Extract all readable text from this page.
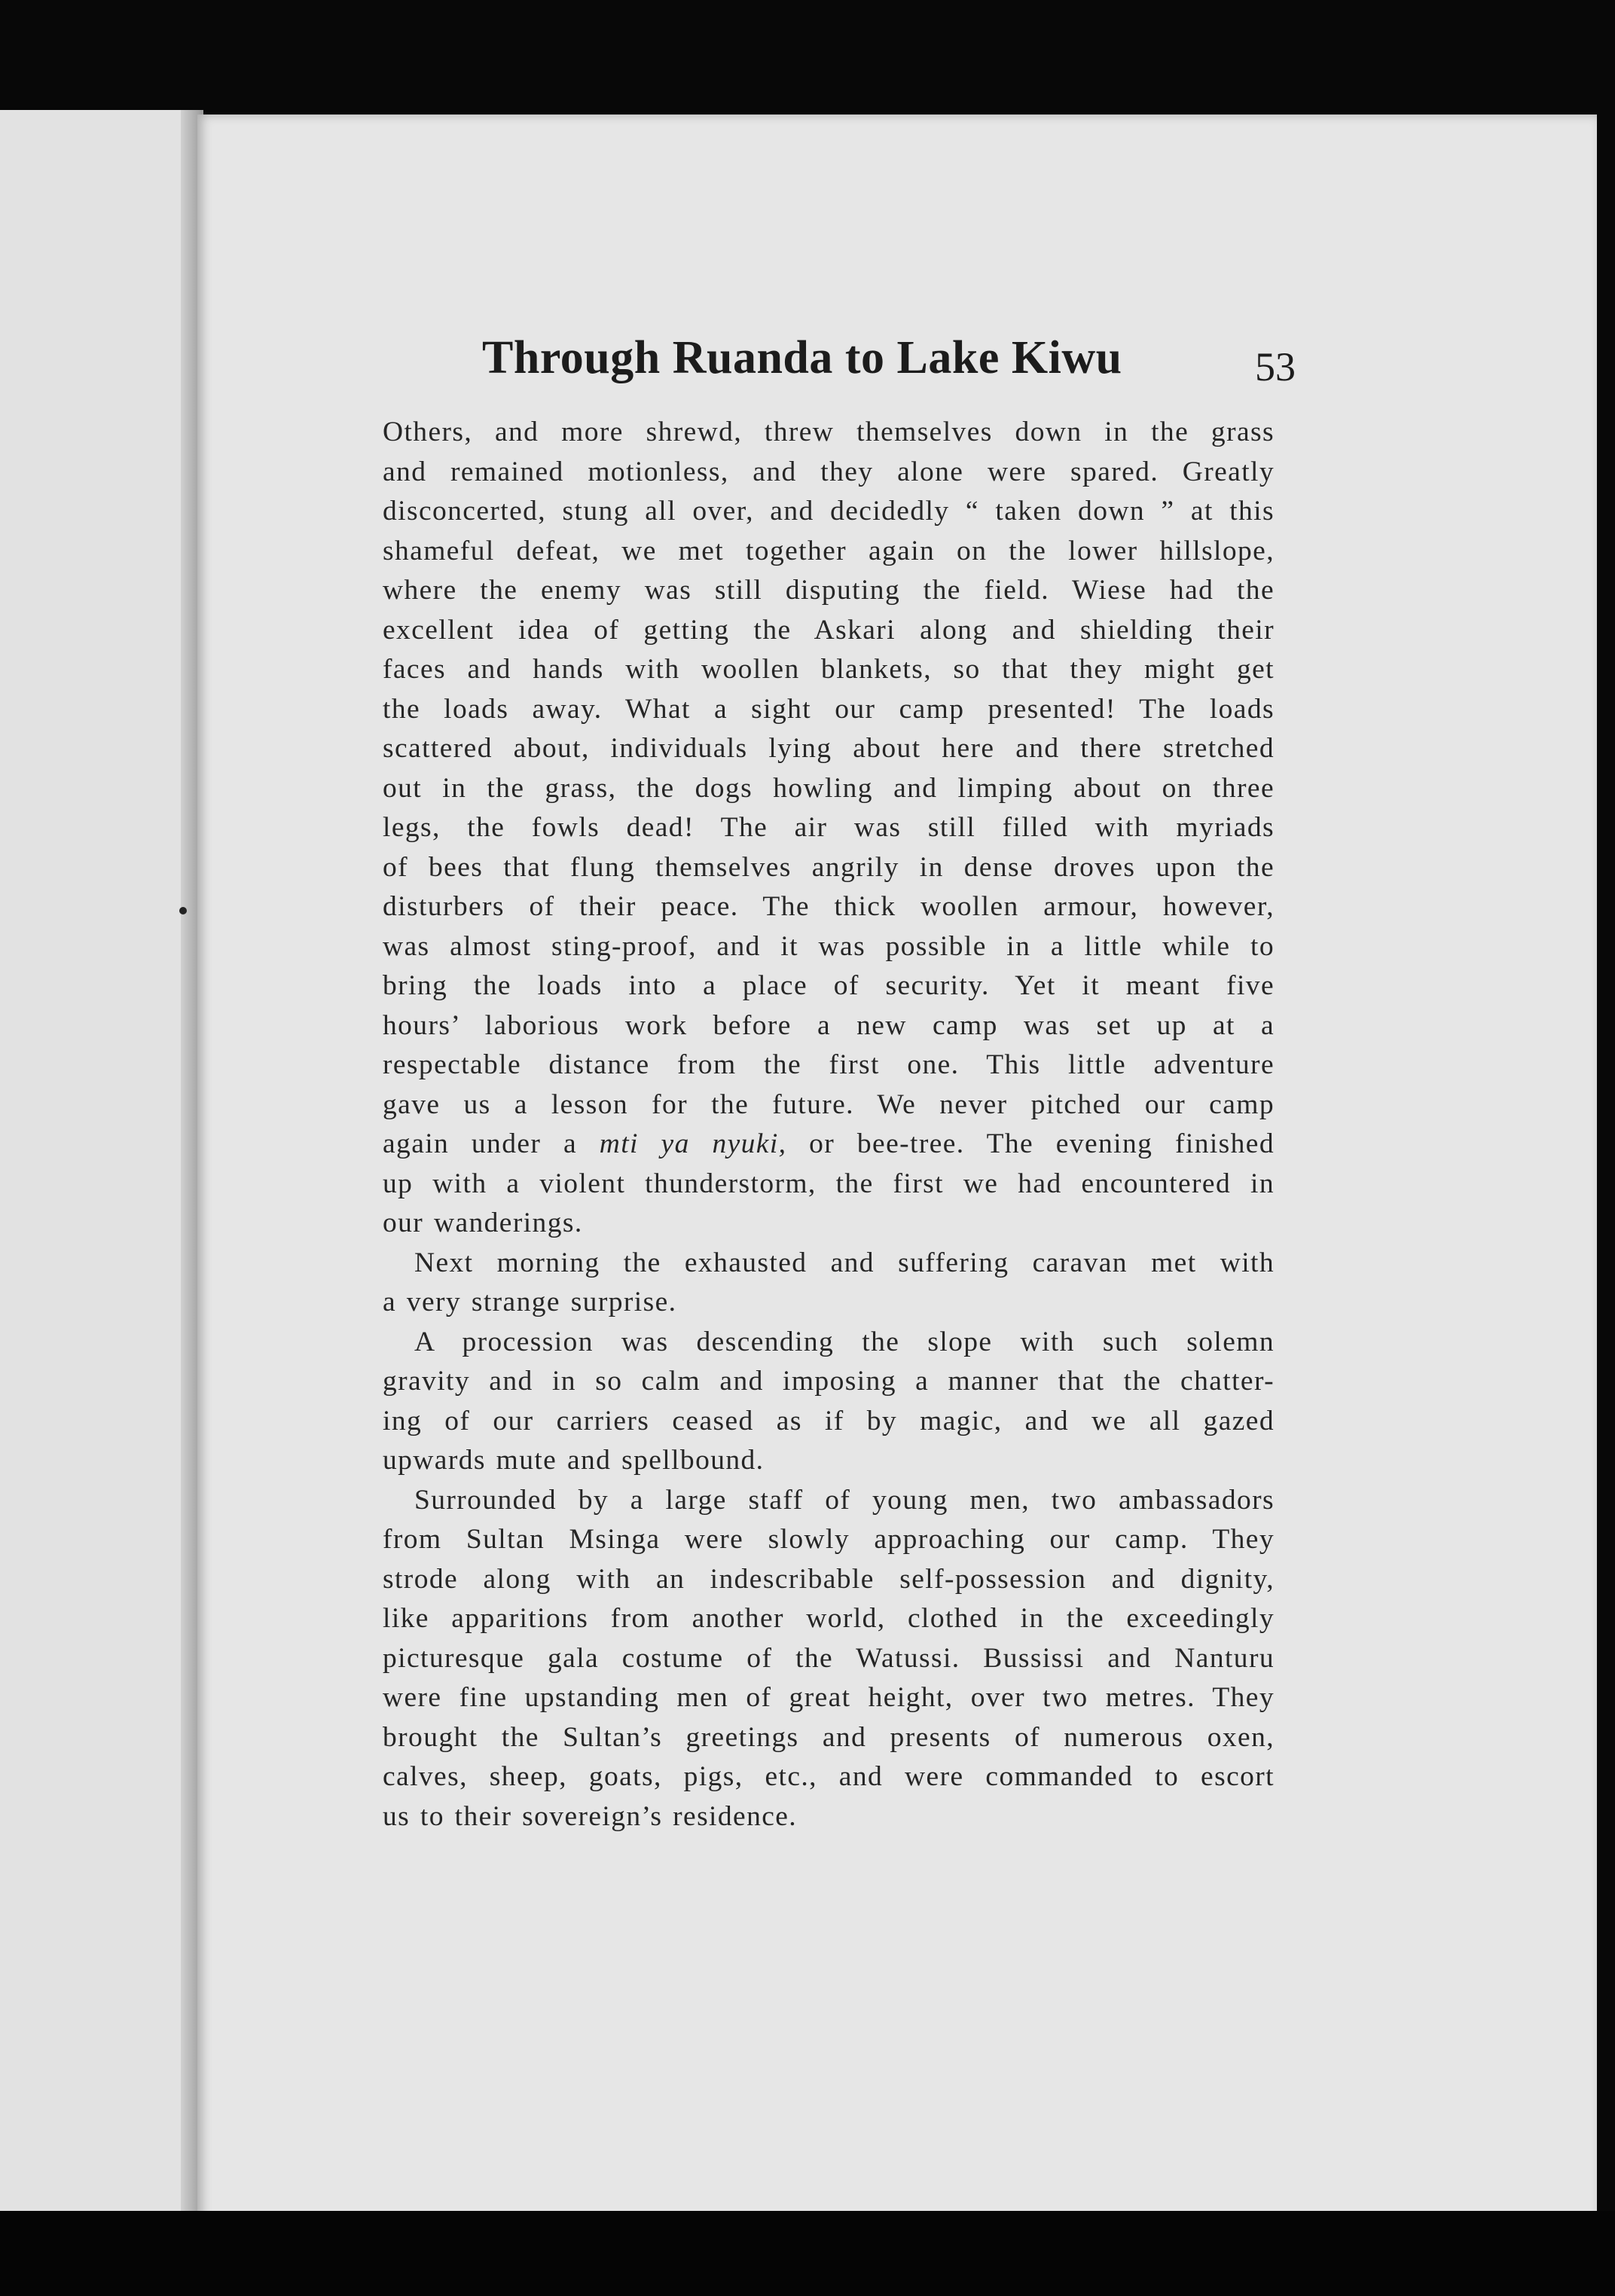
Through Ruanda to Lake Kiwu	53
Others, and more shrewd, threw themselves down in the grass
and remained motionless, and they alone were spared. Greatly
disconcerted, stung all over, and decidedly “ taken down ” at this
shameful defeat, we met together again on the lower hillslope,
where the enemy was still disputing the field. Wiese had the
excellent idea of getting the Askari along and shielding their
faces and hands with woollen blankets, so that they might get
the loads away. What a sight our camp presented! The loads
scattered about, individuals lying about here and there stretched
out in the grass, the dogs howling and limping about on three
legs, the fowls dead! The air was still filled with myriads
of bees that flung themselves angrily in dense droves upon the
disturbers of their peace. The thick woollen armour, however,
was almost sting-proof, and it was possible in a little while to
bring the loads into a place of security. Yet it meant five
hours’ laborious work before a new camp was set up at a
respectable distance from the first one. This little adventure
gave us a lesson for the future. We never pitched our camp
again under a mti ya nyuki, or bee-tree. The evening finished
up with a violent thunderstorm, the first we had encountered in
our wanderings.
Next morning the exhausted and suffering caravan met with
a very strange surprise.
A procession was descending the slope with such solemn
gravity and in so calm and imposing a manner that the chatter-
ing of our carriers ceased as if by magic, and we all gazed
upwards mute and spellbound.
Surrounded by a large staff of young men, two ambassadors
from Sultan Msinga were slowly approaching our camp. They
strode along with an indescribable self-possession and dignity,
like apparitions from another world, clothed in the exceedingly
picturesque gala costume of the Watussi. Bussissi and Nanturu
were fine upstanding men of great height, over two metres. They
brought the Sultan’s greetings and presents of numerous oxen,
calves, sheep, goats, pigs, etc., and were commanded to escort
us to their sovereign’s residence.
